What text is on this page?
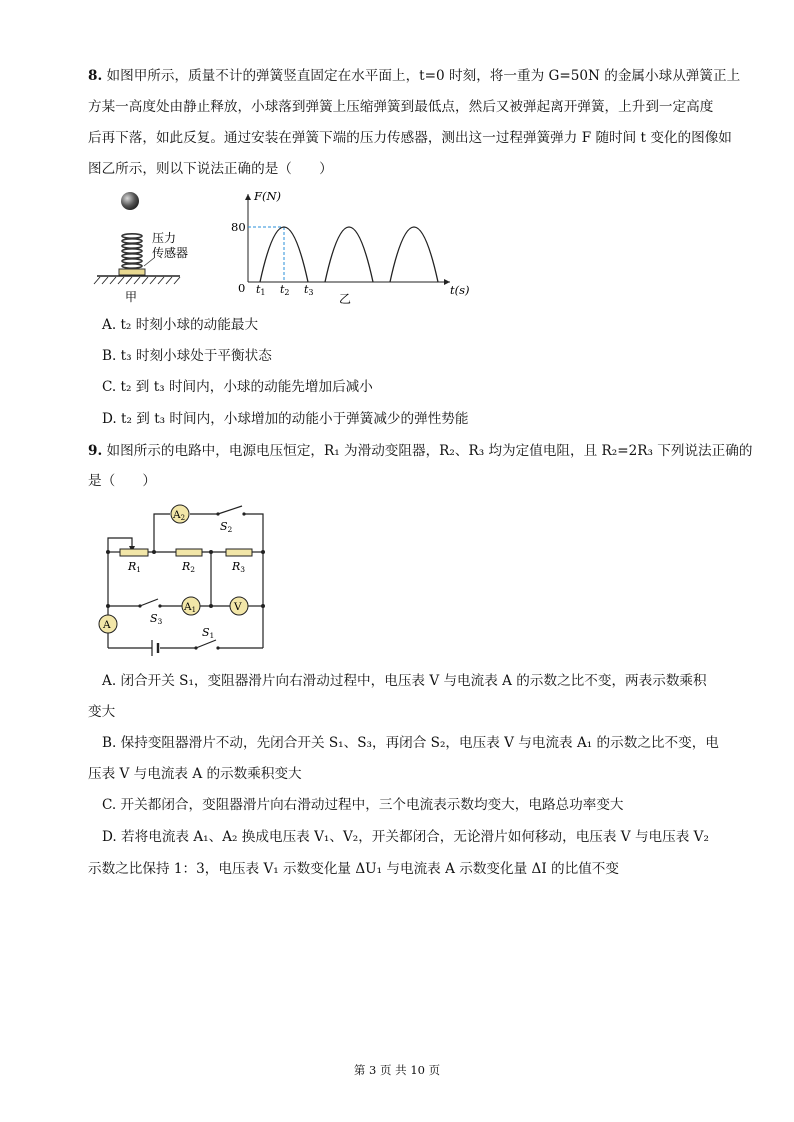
8. 如图甲所示，质量不计的弹簧竖直固定在水平面上，t=0 时刻，将一重为 G=50N 的金属小球从弹簧正上
方某一高度处由静止释放，小球落到弹簧上压缩弹簧到最低点，然后又被弹起离开弹簧，上升到一定高度
后再下落，如此反复。通过安装在弹簧下端的压力传感器，测出这一过程弹簧弹力 F 随时间 t 变化的图像如
图乙所示，则以下说法正确的是（　　）
压力
传感器
甲
F(N)
80
0	t(s)
t1 t2 t3 乙
A. t₂ 时刻小球的动能最大
B. t₃ 时刻小球处于平衡状态
C. t₂ 到 t₃ 时间内，小球的动能先增加后减小
D. t₂ 到 t₃ 时间内，小球增加的动能小于弹簧减少的弹性势能
9. 如图所示的电路中，电源电压恒定，R₁ 为滑动变阻器，R₂、R₃ 均为定值电阻，且 R₂=2R₃ 下列说法正确的
是（　　）
A2
A1	V
A
S2
R1	R2	R3
S3
S1
A. 闭合开关 S₁，变阻器滑片向右滑动过程中，电压表 V 与电流表 A 的示数之比不变，两表示数乘积
变大
B. 保持变阻器滑片不动，先闭合开关 S₁、S₃，再闭合 S₂，电压表 V 与电流表 A₁ 的示数之比不变，电
压表 V 与电流表 A 的示数乘积变大
C. 开关都闭合，变阻器滑片向右滑动过程中，三个电流表示数均变大，电路总功率变大
D. 若将电流表 A₁、A₂ 换成电压表 V₁、V₂，开关都闭合，无论滑片如何移动，电压表 V 与电压表 V₂
示数之比保持 1：3，电压表 V₁ 示数变化量 ΔU₁ 与电流表 A 示数变化量 ΔI 的比值不变
第 3 页 共 10 页
